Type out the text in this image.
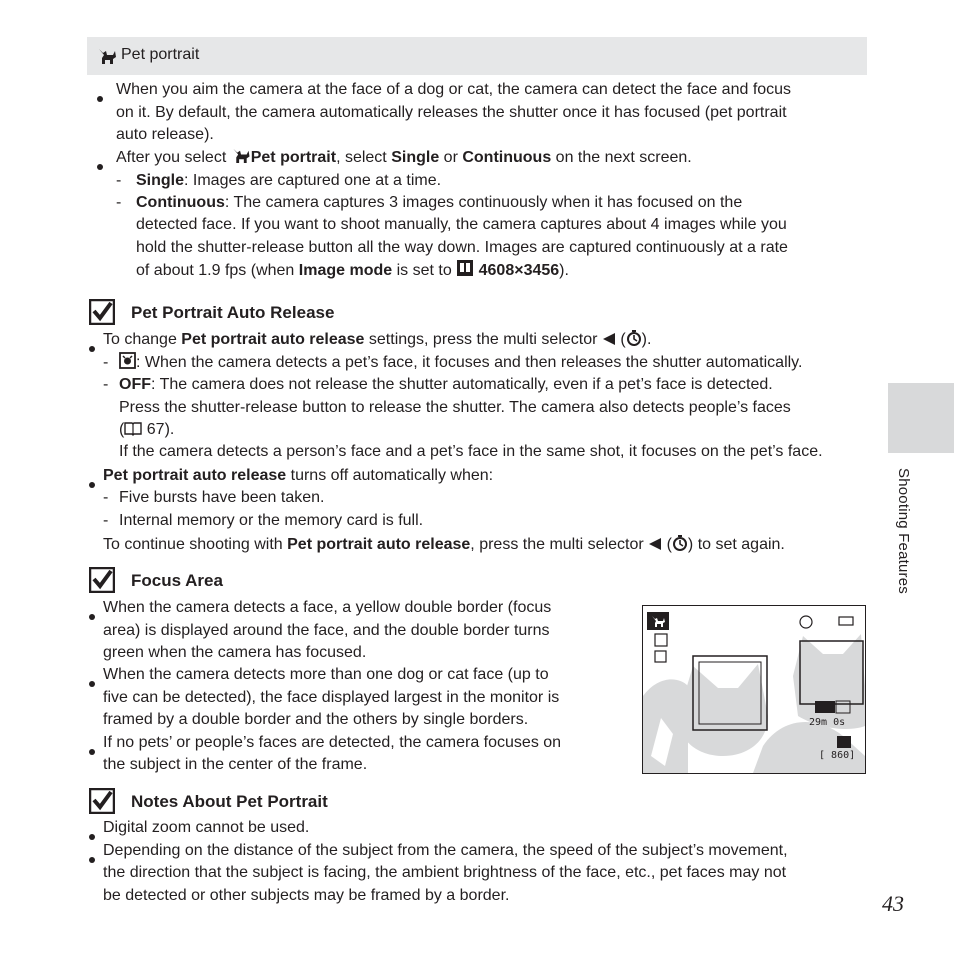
Pet portrait
When you aim the camera at the face of a dog or cat, the camera can detect the face and focus
on it. By default, the camera automatically releases the shutter once it has focused (pet portrait
auto release).
After you select Pet portrait, select Single or Continuous on the next screen.
- Single: Images are captured one at a time.
- Continuous: The camera captures 3 images continuously when it has focused on the
detected face. If you want to shoot manually, the camera captures about 4 images while you
hold the shutter-release button all the way down. Images are captured continuously at a rate
of about 1.9 fps (when Image mode is set to  4608×3456).
Pet Portrait Auto Release
To change Pet portrait auto release settings, press the multi selector  ( ).
-	: When the camera detects a pet’s face, it focuses and then releases the shutter automatically.
- OFF: The camera does not release the shutter automatically, even if a pet’s face is detected.
Press the shutter-release button to release the shutter. The camera also detects people’s faces
( 67).
If the camera detects a person’s face and a pet’s face in the same shot, it focuses on the pet’s face.
Pet portrait auto release turns off automatically when:
- Five bursts have been taken.
- Internal memory or the memory card is full.
To continue shooting with Pet portrait auto release, press the multi selector  ( ) to set again.
Focus Area
When the camera detects a face, a yellow double border (focus
area) is displayed around the face, and the double border turns
green when the camera has focused.
When the camera detects more than one dog or cat face (up to
five can be detected), the face displayed largest in the monitor is
framed by a double border and the others by single borders.
If no pets’ or people’s faces are detected, the camera focuses on
the subject in the center of the frame.
29m 0s
[ 860]
Notes About Pet Portrait
Digital zoom cannot be used.
Depending on the distance of the subject from the camera, the speed of the subject’s movement,
the direction that the subject is facing, the ambient brightness of the face, etc., pet faces may not
be detected or other subjects may be framed by a border.
Shooting Features
43
